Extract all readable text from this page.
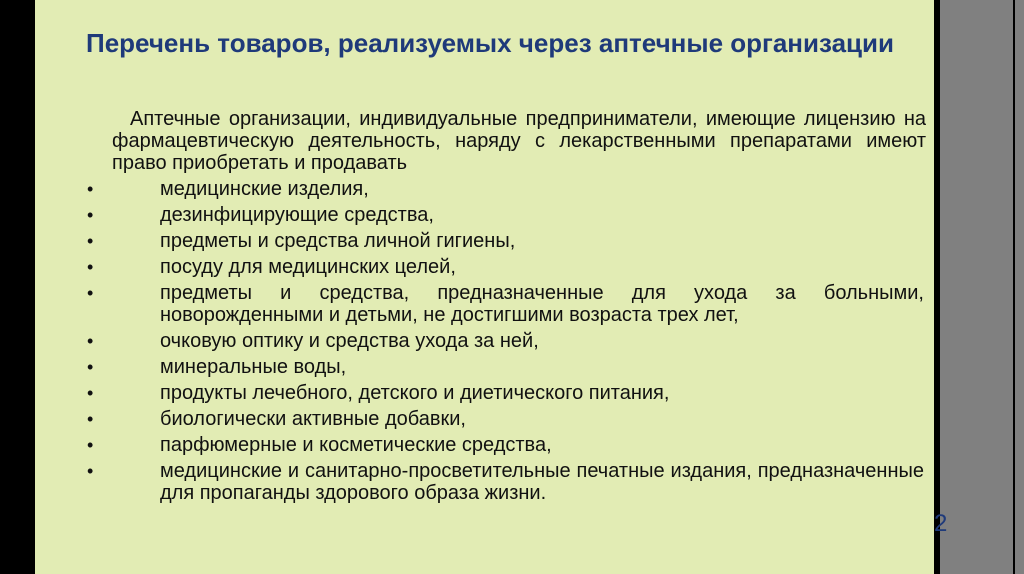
Перечень товаров, реализуемых через аптечные организации
Аптечные организации, индивидуальные предприниматели, имеющие лицензию на фармацевтическую деятельность, наряду с лекарственными препаратами имеют право приобретать и продавать
•	медицинские изделия,
•	дезинфицирующие средства,
•	предметы и средства личной гигиены,
•	посуду для медицинских целей,
•	предметы и средства, предназначенные для ухода за больными, новорожденными и детьми, не достигшими возраста трех лет,
•	очковую оптику и средства ухода за ней,
•	минеральные воды,
•	продукты лечебного, детского и диетического питания,
•	биологически активные добавки,
•	парфюмерные и косметические средства,
•	медицинские и санитарно-просветительные печатные издания, предназначенные для пропаганды здорового образа жизни.
2
